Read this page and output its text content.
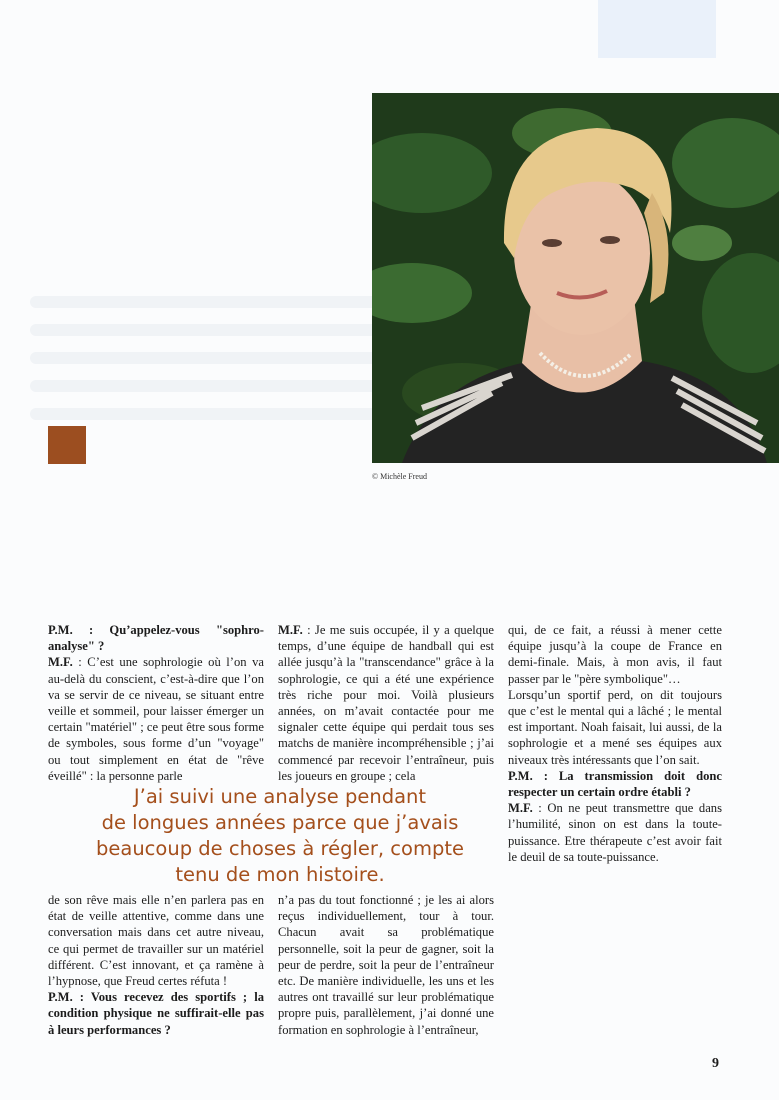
© Michèle Freud

P.M. : Qu’appelez-vous "sophro-analyse" ?

M.F. : C’est une sophrologie où l’on va au-delà du conscient, c’est-à-dire que l’on va se servir de ce niveau, se situant entre veille et sommeil, pour laisser émerger un certain "matériel" ; ce peut être sous forme de symboles, sous forme d’un "voyage" ou tout simplement en état de "rêve éveillé" : la personne parle

M.F. : Je me suis occupée, il y a quelque temps, d’une équipe de handball qui est allée jusqu’à la "transcendance" grâce à la sophrologie, ce qui a été une expérience très riche pour moi. Voilà plusieurs années, on m’avait contactée pour me signaler cette équipe qui perdait tous ses matchs de manière incompréhensible ; j’ai commencé par recevoir l’entraîneur, puis les joueurs en groupe ; cela

qui, de ce fait, a réussi à mener cette équipe jusqu’à la coupe de France en demi-finale. Mais, à mon avis, il faut passer par le "père symbolique"…

Lorsqu’un sportif perd, on dit toujours que c’est le mental qui a lâché ; le mental est important. Noah faisait, lui aussi, de la sophrologie et a mené ses équipes aux niveaux très intéressants que l’on sait.

P.M. : La transmission doit donc respecter un certain ordre établi ?

M.F. : On ne peut transmettre que dans l’humilité, sinon on est dans la toute-puissance. Etre thérapeute c’est avoir fait le deuil de sa toute-puissance.

J’ai suivi une analyse pendant
de longues années parce que j’avais
beaucoup de choses à régler, compte
tenu de mon histoire.

de son rêve mais elle n’en parlera pas en état de veille attentive, comme dans une conversation mais dans cet autre niveau, ce qui permet de travailler sur un matériel différent. C’est innovant, et ça ramène à l’hypnose, que Freud certes réfuta !

P.M. : Vous recevez des sportifs ; la condition physique ne suffirait-elle pas à leurs performances ?

n’a pas du tout fonctionné ; je les ai alors reçus individuellement, tour à tour. Chacun avait sa problématique personnelle, soit la peur de gagner, soit la peur de perdre, soit la peur de l’entraîneur etc. De manière individuelle, les uns et les autres ont travaillé sur leur problématique propre puis, parallèlement, j’ai donné une formation en sophrologie à l’entraîneur,

9
